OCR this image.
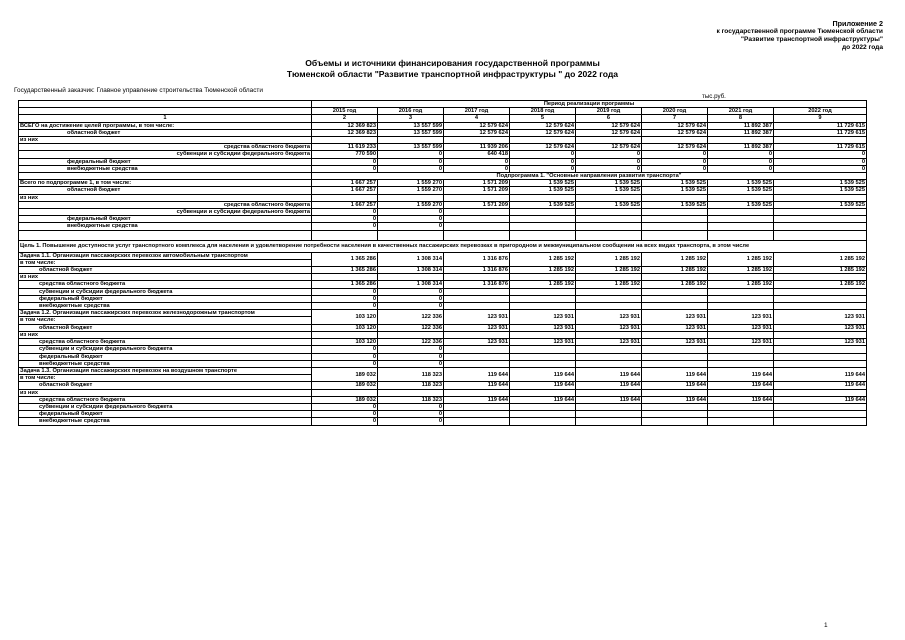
Приложение 2
к государственной программе Тюменской области
"Развитие транспортной инфраструктуры"
до 2022 года
Объемы и источники финансирования государственной программы
Тюменской области "Развитие транспортной инфраструктуры " до 2022 года
Государственный заказчик: Главное управление строительства Тюменской области
тыс.руб.
	Период реализации программы							
	2015 год	2016 год	2017 год	2018 год	2019 год	2020 год	2021 год	2022 год
1	2	3	4	5	6	7	8	9
ВСЕГО на достижение целей программы, в том числе:	12 369 823	13 557 599	12 579 624	12 579 624	12 579 624	12 579 624	11 892 387	11 729 615
областной бюджет	12 369 823	13 557 599	12 579 624	12 579 624	12 579 624	12 579 624	11 892 387	11 729 615
из них								
средства областного бюджета	11 619 233	13 557 599	11 939 206	12 579 624	12 579 624	12 579 624	11 892 387	11 729 615
субвенции и субсидии федерального бюджета	770 590	0	640 418	0	0	0	0	0
федеральный бюджет	0	0	0	0	0	0	0	0
внебюджетные средства	0	0	0	0	0	0	0	0
	Подпрограмма 1. "Основные направления развития транспорта"							
Всего по подпрограмме 1, в том числе:	1 667 257	1 559 270	1 571 209	1 539 525	1 539 525	1 539 525	1 539 525	1 539 525
областной бюджет	1 667 257	1 559 270	1 571 209	1 539 525	1 539 525	1 539 525	1 539 525	1 539 525
из них								
средства областного бюджета	1 667 257	1 559 270	1 571 209	1 539 525	1 539 525	1 539 525	1 539 525	1 539 525
субвенции и субсидии федерального бюджета	0	0						
федеральный бюджет	0	0						
внебюджетные средства	0	0						

Цель 1. Повышение доступности услуг транспортного комплекса для населения и удовлетворение потребности населения в качественных пассажирских перевозках в пригородном и межмуниципальном сообщении на всех видах транспорта, в этом числе								
Задача 1.1. Организация пассажирских перевозок автомобильным транспортом	1 365 286	1 308 314	1 316 876	1 285 192	1 285 192	1 285 192	1 285 192	1 285 192
в том числе:								
областной бюджет	1 365 286	1 308 314	1 316 876	1 285 192	1 285 192	1 285 192	1 285 192	1 285 192
из них								
средства областного бюджета	1 365 286	1 308 314	1 316 876	1 285 192	1 285 192	1 285 192	1 285 192	1 285 192
субвенции и субсидии федерального бюджета	0	0						
федеральный бюджет	0	0						
внебюджетные средства	0	0						
Задача 1.2. Организация пассажирских перевозок железнодорожным транспортом	103 120	122 336	123 931	123 931	123 931	123 931	123 931	123 931
в том числе:								
областной бюджет	103 120	122 336	123 931	123 931	123 931	123 931	123 931	123 931
из них								
средства областного бюджета	103 120	122 336	123 931	123 931	123 931	123 931	123 931	123 931
субвенции и субсидии федерального бюджета	0	0						
федеральный бюджет	0	0						
внебюджетные средства	0	0						
Задача 1.3. Организация пассажирских перевозок на воздушном транспорте	189 032	118 323	119 644	119 644	119 644	119 644	119 644	119 644
в том числе:								
областной бюджет	189 032	118 323	119 644	119 644	119 644	119 644	119 644	119 644
из них								
средства областного бюджета	189 032	118 323	119 644	119 644	119 644	119 644	119 644	119 644
субвенции и субсидии федерального бюджета	0	0						
федеральный бюджет	0	0						
внебюджетные средства	0	0						
1
